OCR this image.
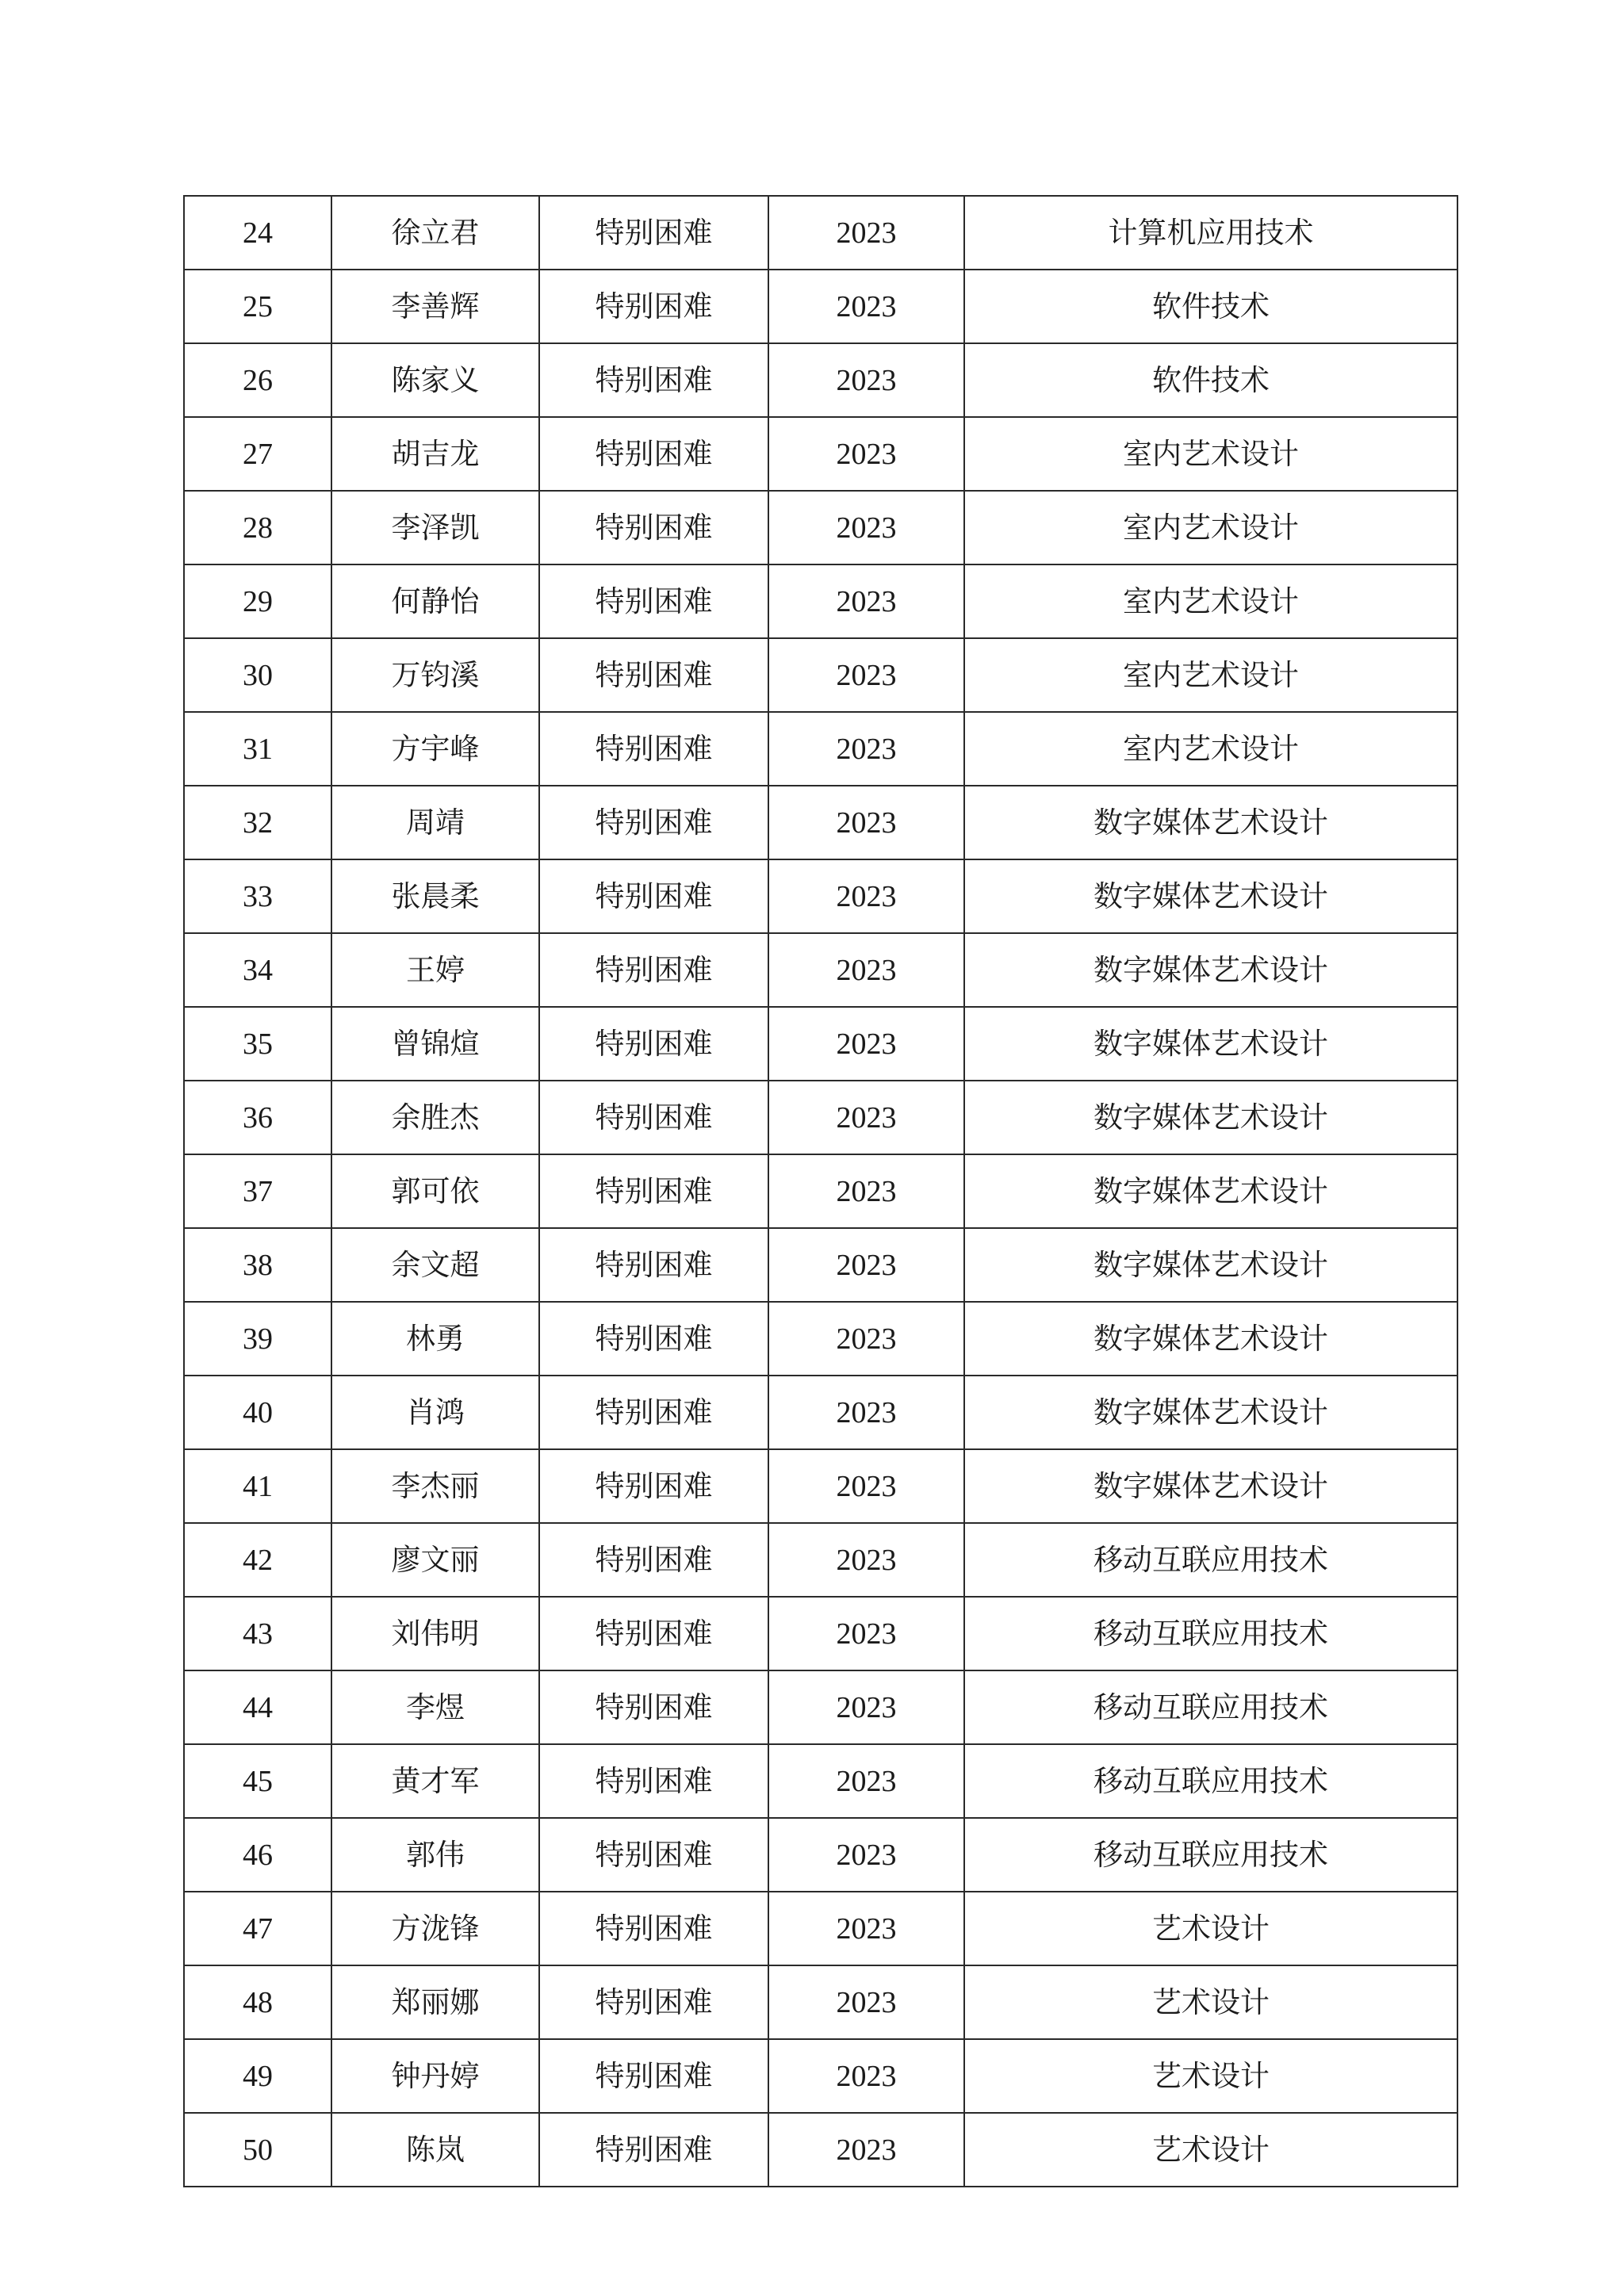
24	徐立君	特别困难	2023	计算机应用技术
25	李善辉	特别困难	2023	软件技术
26	陈家义	特别困难	2023	软件技术
27	胡吉龙	特别困难	2023	室内艺术设计
28	李泽凯	特别困难	2023	室内艺术设计
29	何静怡	特别困难	2023	室内艺术设计
30	万钧溪	特别困难	2023	室内艺术设计
31	方宇峰	特别困难	2023	室内艺术设计
32	周靖	特别困难	2023	数字媒体艺术设计
33	张晨柔	特别困难	2023	数字媒体艺术设计
34	王婷	特别困难	2023	数字媒体艺术设计
35	曾锦煊	特别困难	2023	数字媒体艺术设计
36	余胜杰	特别困难	2023	数字媒体艺术设计
37	郭可依	特别困难	2023	数字媒体艺术设计
38	余文超	特别困难	2023	数字媒体艺术设计
39	林勇	特别困难	2023	数字媒体艺术设计
40	肖鸿	特别困难	2023	数字媒体艺术设计
41	李杰丽	特别困难	2023	数字媒体艺术设计
42	廖文丽	特别困难	2023	移动互联应用技术
43	刘伟明	特别困难	2023	移动互联应用技术
44	李煜	特别困难	2023	移动互联应用技术
45	黄才军	特别困难	2023	移动互联应用技术
46	郭伟	特别困难	2023	移动互联应用技术
47	方泷锋	特别困难	2023	艺术设计
48	郑丽娜	特别困难	2023	艺术设计
49	钟丹婷	特别困难	2023	艺术设计
50	陈岚	特别困难	2023	艺术设计
